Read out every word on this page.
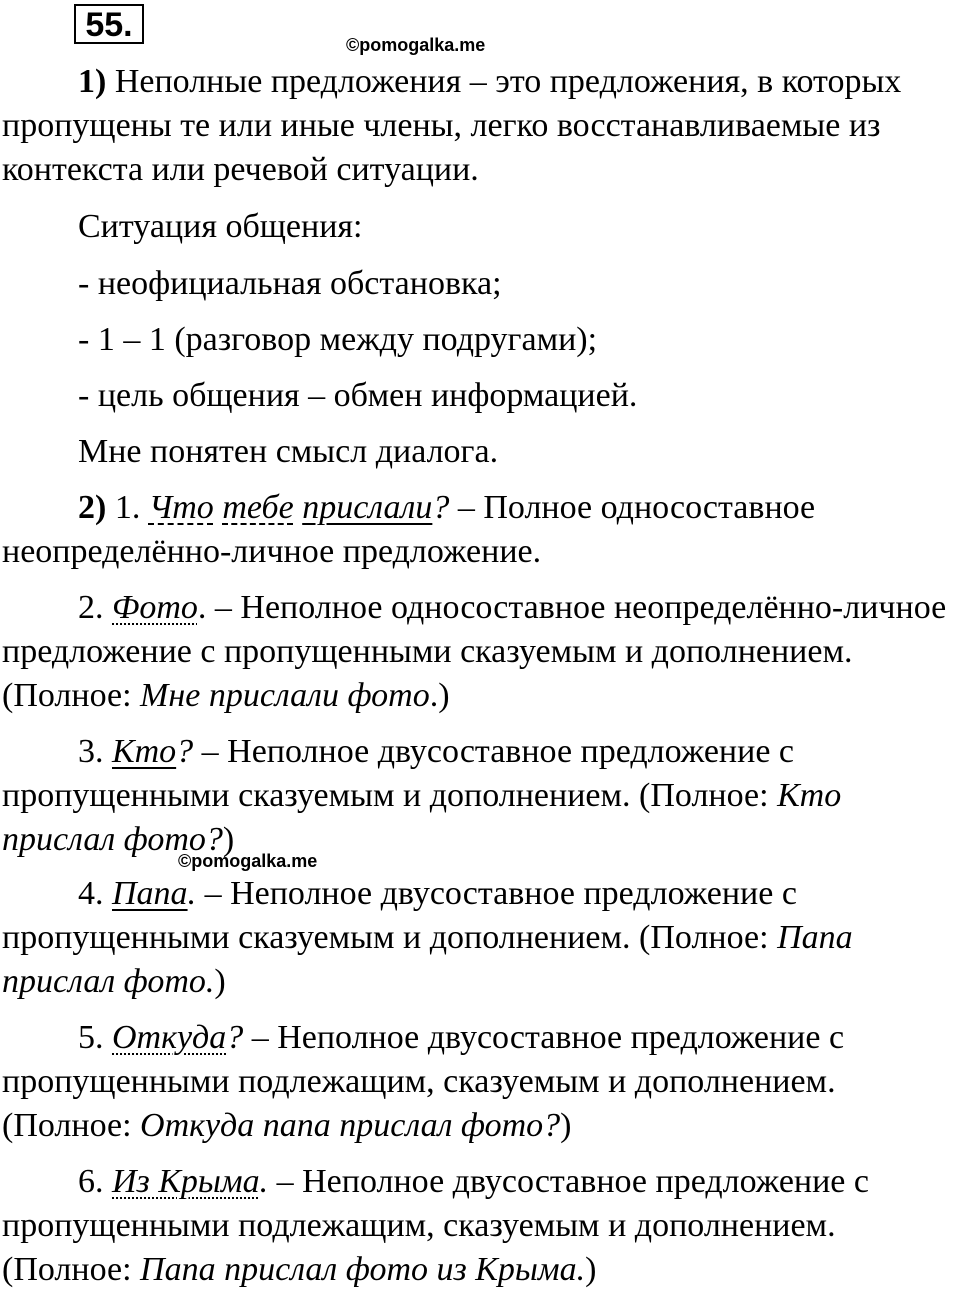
55.
©pomogalka.me

1) Неполные предложения – это предложения, в которых пропущены те или иные члены, легко восстанавливаемые из контекста или речевой ситуации.

Ситуация общения:

- неофициальная обстановка;

- 1 – 1 (разговор между подругами);

- цель общения – обмен информацией.

Мне понятен смысл диалога.

2) 1. Что тебе прислали? – Полное односоставное неопределённо-личное предложение.

2. Фото. – Неполное односоставное неопределённо-личное предложение с пропущенными сказуемым и дополнением. (Полное: Мне прислали фото.)

3. Кто? – Неполное двусоставное предложение с пропущенными сказуемым и дополнением. (Полное: Кто прислал фото?)

©pomogalka.me

4. Папа. – Неполное двусоставное предложение с пропущенными сказуемым и дополнением. (Полное: Папа прислал фото.)

5. Откуда? – Неполное двусоставное предложение с пропущенными подлежащим, сказуемым и дополнением. (Полное: Откуда папа прислал фото?)

6. Из Крыма. – Неполное двусоставное предложение с пропущенными подлежащим, сказуемым и дополнением. (Полное: Папа прислал фото из Крыма.)
